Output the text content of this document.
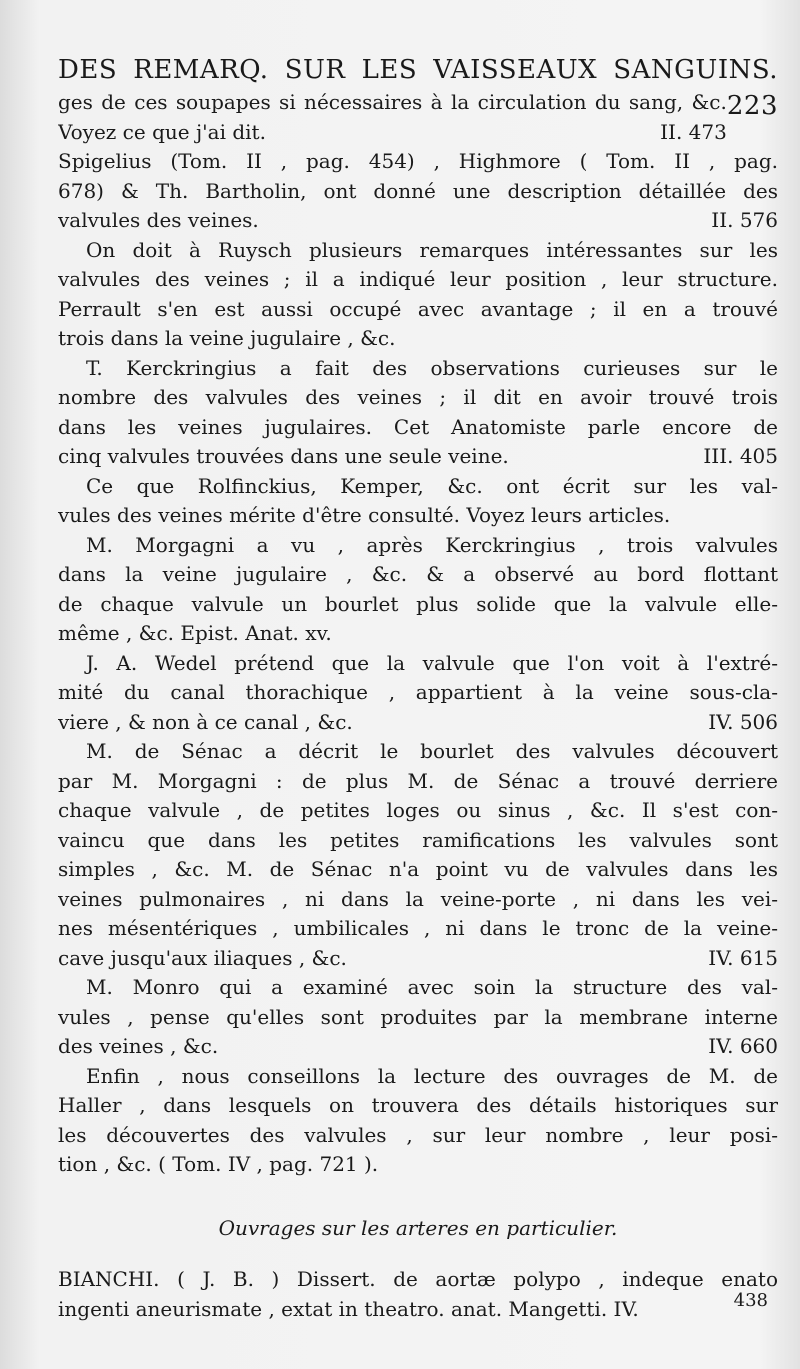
DES REMARQ. SUR LES VAISSEAUX SANGUINS.
223
ges de ces soupapes si nécessaires à la circulation du sang, &c.
II. 473
Voyez ce que j'ai dit.
Spigelius (Tom. II , pag. 454) , Highmore ( Tom. II , pag.
678) & Th. Bartholin, ont donné une description détaillée des
II. 576
valvules des veines.
On doit à Ruysch plusieurs remarques intéressantes sur les
valvules des veines ; il a indiqué leur position , leur structure.
Perrault s'en est aussi occupé avec avantage ; il en a trouvé
trois dans la veine jugulaire , &c.
T. Kerckringius a fait des observations curieuses sur le
nombre des valvules des veines ; il dit en avoir trouvé trois
dans les veines jugulaires. Cet Anatomiste parle encore de
III. 405
cinq valvules trouvées dans une seule veine.
Ce que Rolfinckius, Kemper, &c. ont écrit sur les val-
vules des veines mérite d'être consulté. Voyez leurs articles.
M. Morgagni a vu , après Kerckringius , trois valvules
dans la veine jugulaire , &c. & a observé au bord flottant
de chaque valvule un bourlet plus solide que la valvule elle-
même , &c. Epist. Anat. xv.
J. A. Wedel prétend que la valvule que l'on voit à l'extré-
mité du canal thorachique , appartient à la veine sous-cla-
IV. 506
viere , & non à ce canal , &c.
M. de Sénac a décrit le bourlet des valvules découvert
par M. Morgagni : de plus M. de Sénac a trouvé derriere
chaque valvule , de petites loges ou sinus , &c. Il s'est con-
vaincu que dans les petites ramifications les valvules sont
simples , &c. M. de Sénac n'a point vu de valvules dans les
veines pulmonaires , ni dans la veine-porte , ni dans les vei-
nes mésentériques , umbilicales , ni dans le tronc de la veine-
IV. 615
cave jusqu'aux iliaques , &c.
M. Monro qui a examiné avec soin la structure des val-
vules , pense qu'elles sont produites par la membrane interne
IV. 660
des veines , &c.
Enfin , nous conseillons la lecture des ouvrages de M. de
Haller , dans lesquels on trouvera des détails historiques sur
les découvertes des valvules , sur leur nombre , leur posi-
tion , &c. ( Tom. IV , pag. 721 ).
Ouvrages sur les arteres en particulier.
BIANCHI. ( J. B. ) Dissert. de aortæ polypo , indeque enato
ingenti aneurismate , extat in theatro. anat. Mangetti. IV.	438
